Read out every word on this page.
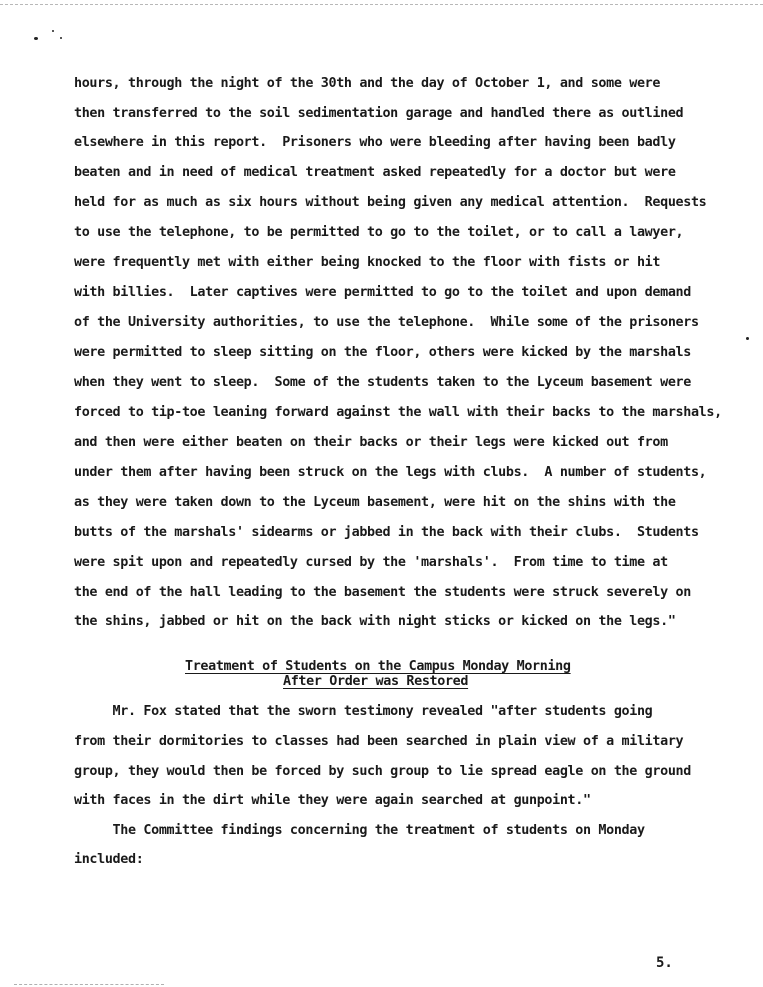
hours, through the night of the 30th and the day of October 1, and some were
then transferred to the soil sedimentation garage and handled there as outlined
elsewhere in this report.  Prisoners who were bleeding after having been badly
beaten and in need of medical treatment asked repeatedly for a doctor but were
held for as much as six hours without being given any medical attention.  Requests
to use the telephone, to be permitted to go to the toilet, or to call a lawyer,
were frequently met with either being knocked to the floor with fists or hit
with billies.  Later captives were permitted to go to the toilet and upon demand
of the University authorities, to use the telephone.  While some of the prisoners
were permitted to sleep sitting on the floor, others were kicked by the marshals
when they went to sleep.  Some of the students taken to the Lyceum basement were
forced to tip-toe leaning forward against the wall with their backs to the marshals,
and then were either beaten on their backs or their legs were kicked out from
under them after having been struck on the legs with clubs.  A number of students,
as they were taken down to the Lyceum basement, were hit on the shins with the
butts of the marshals' sidearms or jabbed in the back with their clubs.  Students
were spit upon and repeatedly cursed by the 'marshals'.  From time to time at
the end of the hall leading to the basement the students were struck severely on
the shins, jabbed or hit on the back with night sticks or kicked on the legs."
Treatment of Students on the Campus Monday Morning
After Order was Restored
Mr. Fox stated that the sworn testimony revealed "after students going
from their dormitories to classes had been searched in plain view of a military
group, they would then be forced by such group to lie spread eagle on the ground
with faces in the dirt while they were again searched at gunpoint."
The Committee findings concerning the treatment of students on Monday
included:
5.
